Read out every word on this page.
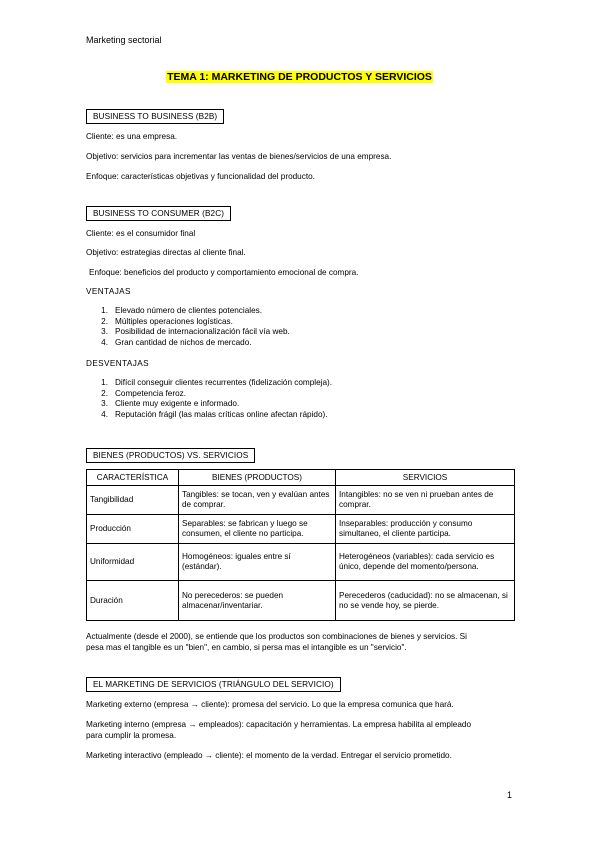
Marketing sectorial
TEMA 1: MARKETING DE PRODUCTOS Y SERVICIOS
BUSINESS TO BUSINESS (B2B)
Cliente: es una empresa.
Objetivo: servicios para incrementar las ventas de bienes/servicios de una empresa.
Enfoque: características objetivas y funcionalidad del producto.
BUSINESS TO CONSUMER (B2C)
Cliente: es el consumidor final
Objetivo: estrategias directas al cliente final.
Enfoque: beneficios del producto y comportamiento emocional de compra.
VENTAJAS
1. Elevado número de clientes potenciales.
2. Múltiples operaciones logísticas.
3. Posibilidad de internacionalización fácil vía web.
4. Gran cantidad de nichos de mercado.
DESVENTAJAS
1. Difícil conseguir clientes recurrentes (fidelización compleja).
2. Competencia feroz.
3. Cliente muy exigente e informado.
4. Reputación frágil (las malas críticas online afectan rápido).
BIENES (PRODUCTOS) VS. SERVICIOS
CARACTERÍSTICA	BIENES (PRODUCTOS)	SERVICIOS
Tangibilidad	Tangibles: se tocan, ven y evalúan antes de comprar.	Intangibles: no se ven ni prueban antes de comprar.
Producción	Separables: se fabrican y luego se consumen, el cliente no participa.	Inseparables: producción y consumo simultaneo, el cliente participa.
Uniformidad	Homogéneos: iguales entre sí (estándar).	Heterogéneos (variables): cada servicio es único, depende del momento/persona.
Duración	No perecederos: se pueden almacenar/inventariar.	Perecederos (caducidad): no se almacenan, si no se vende hoy, se pierde.
Actualmente (desde el 2000), se entiende que los productos son combinaciones de bienes y servicios. Si
pesa mas el tangible es un "bien", en cambio, si persa mas el intangible es un "servicio".
EL MARKETING DE SERVICIOS (TRIÁNGULO DEL SERVICIO)
Marketing externo (empresa → cliente): promesa del servicio. Lo que la empresa comunica que hará.
Marketing interno (empresa → empleados): capacitación y herramientas. La empresa habilita al empleado
para cumplir la promesa.
Marketing interactivo (empleado → cliente): el momento de la verdad. Entregar el servicio prometido.
1
